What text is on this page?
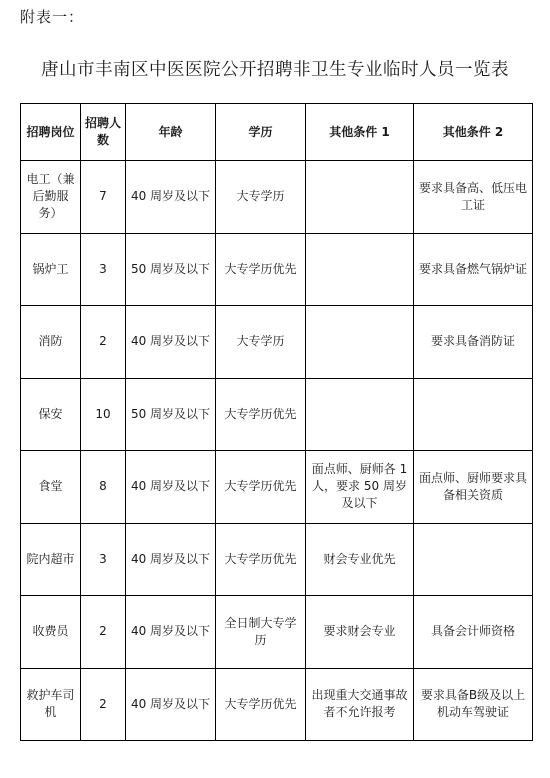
附表一：
唐山市丰南区中医医院公开招聘非卫生专业临时人员一览表
招聘岗位	招聘人数	年龄	学历	其他条件 1	其他条件 2
电工（兼后勤服务）	7	40 周岁及以下	大专学历		要求具备高、低压电工证
锅炉工	3	50 周岁及以下	大专学历优先		要求具备燃气锅炉证
消防	2	40 周岁及以下	大专学历		要求具备消防证
保安	10	50 周岁及以下	大专学历优先		
食堂	8	40 周岁及以下	大专学历优先	面点师、厨师各 1 人，要求 50 周岁及以下	面点师、厨师要求具备相关资质
院内超市	3	40 周岁及以下	大专学历优先	财会专业优先	
收费员	2	40 周岁及以下	全日制大专学历	要求财会专业	具备会计师资格
救护车司机	2	40 周岁及以下	大专学历优先	出现重大交通事故者不允许报考	要求具备B级及以上机动车驾驶证
